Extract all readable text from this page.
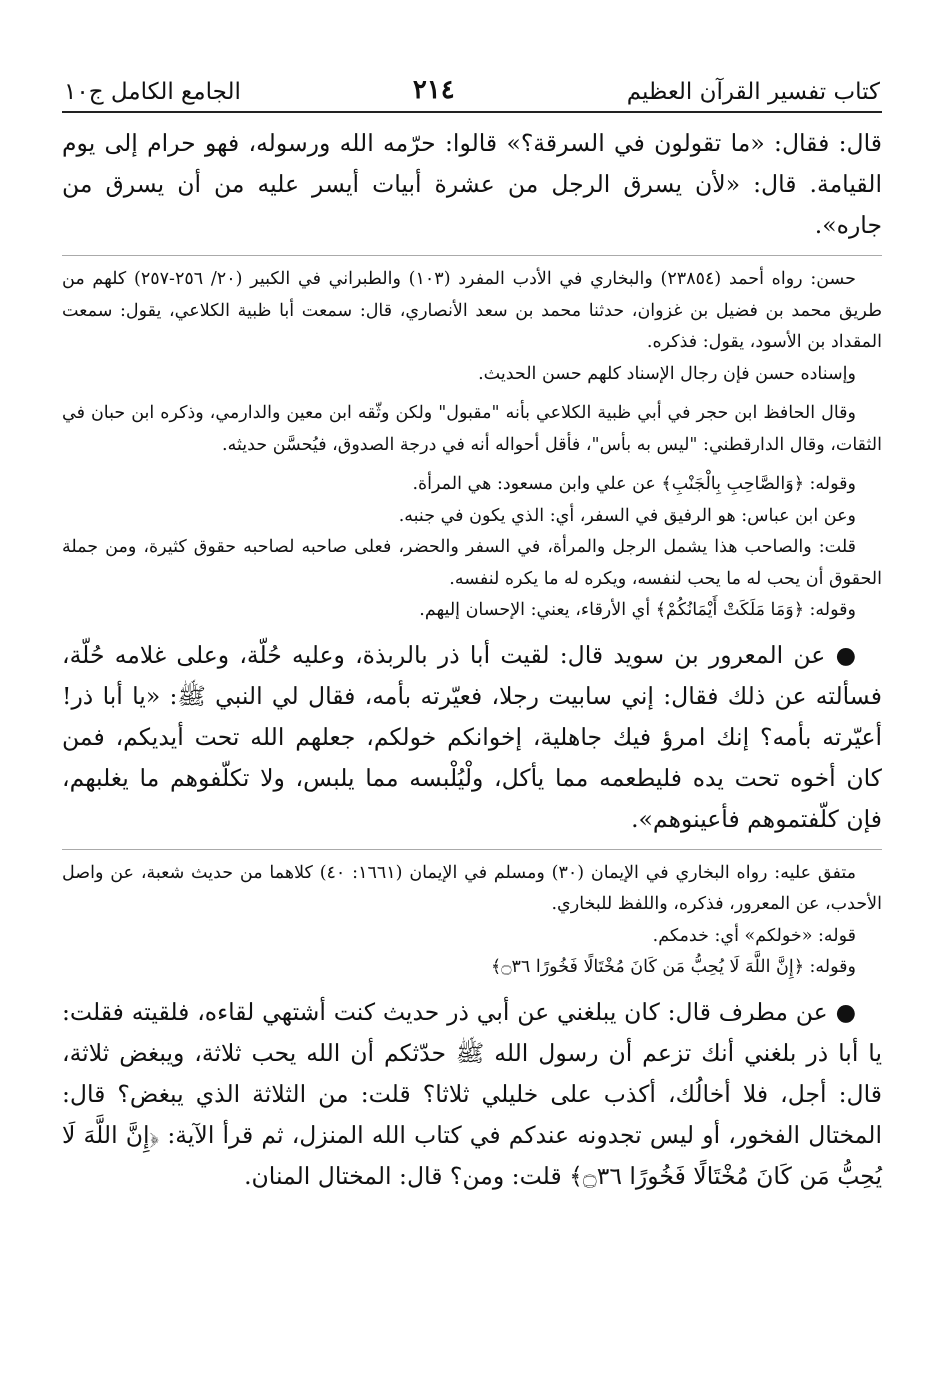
كتاب تفسير القرآن العظيم
٢١٤
الجامع الكامل ج١٠

قال: فقال: «ما تقولون في السرقة؟» قالوا: حرّمه الله ورسوله، فهو حرام إلى يوم القيامة. قال: «لأن يسرق الرجل من عشرة أبيات أيسر عليه من أن يسرق من جاره».

حسن: رواه أحمد (٢٣٨٥٤) والبخاري في الأدب المفرد (١٠٣) والطبراني في الكبير (٢٠/ ٢٥٦-٢٥٧) كلهم من طريق محمد بن فضيل بن غزوان، حدثنا محمد بن سعد الأنصاري، قال: سمعت أبا ظبية الكلاعي، يقول: سمعت المقداد بن الأسود، يقول: فذكره.

وإسناده حسن فإن رجال الإسناد كلهم حسن الحديث.

وقال الحافظ ابن حجر في أبي ظبية الكلاعي بأنه "مقبول" ولكن وثّقه ابن معين والدارمي، وذكره ابن حبان في الثقات، وقال الدارقطني: "ليس به بأس"، فأقل أحواله أنه في درجة الصدوق، فيُحسَّن حديثه.

وقوله: ﴿وَالصَّاحِبِ بِالْجَنْبِ﴾ عن علي وابن مسعود: هي المرأة.

وعن ابن عباس: هو الرفيق في السفر، أي: الذي يكون في جنبه.

قلت: والصاحب هذا يشمل الرجل والمرأة، في السفر والحضر، فعلى صاحبه لصاحبه حقوق كثيرة، ومن جملة الحقوق أن يحب له ما يحب لنفسه، ويكره له ما يكره لنفسه.

وقوله: ﴿وَمَا مَلَكَتْ أَيْمَانُكُمْ﴾ أي الأرقاء، يعني: الإحسان إليهم.

● عن المعرور بن سويد قال: لقيت أبا ذر بالربذة، وعليه حُلّة، وعلى غلامه حُلّة، فسألته عن ذلك فقال: إني سابيت رجلا، فعيّرته بأمه، فقال لي النبي ﷺ: «يا أبا ذر! أعيّرته بأمه؟ إنك امرؤ فيك جاهلية، إخوانكم خولكم، جعلهم الله تحت أيديكم، فمن كان أخوه تحت يده فليطعمه مما يأكل، ولْيُلْبسه مما يلبس، ولا تكلّفوهم ما يغلبهم، فإن كلّفتموهم فأعينوهم».

متفق عليه: رواه البخاري في الإيمان (٣٠) ومسلم في الإيمان (١٦٦١: ٤٠) كلاهما من حديث شعبة، عن واصل الأحدب، عن المعرور، فذكره، واللفظ للبخاري.

قوله: «خولكم» أي: خدمكم.

وقوله: ﴿إِنَّ اللَّهَ لَا يُحِبُّ مَن كَانَ مُخْتَالًا فَخُورًا ۝٣٦﴾

● عن مطرف قال: كان يبلغني عن أبي ذر حديث كنت أشتهي لقاءه، فلقيته فقلت: يا أبا ذر بلغني أنك تزعم أن رسول الله ﷺ حدّثكم أن الله يحب ثلاثة، ويبغض ثلاثة، قال: أجل، فلا أخالُك، أكذب على خليلي ثلاثا؟ قلت: من الثلاثة الذي يبغض؟ قال: المختال الفخور، أو ليس تجدونه عندكم في كتاب الله المنزل، ثم قرأ الآية: ﴿إِنَّ اللَّهَ لَا يُحِبُّ مَن كَانَ مُخْتَالًا فَخُورًا ۝٣٦﴾ قلت: ومن؟ قال: المختال المنان.
